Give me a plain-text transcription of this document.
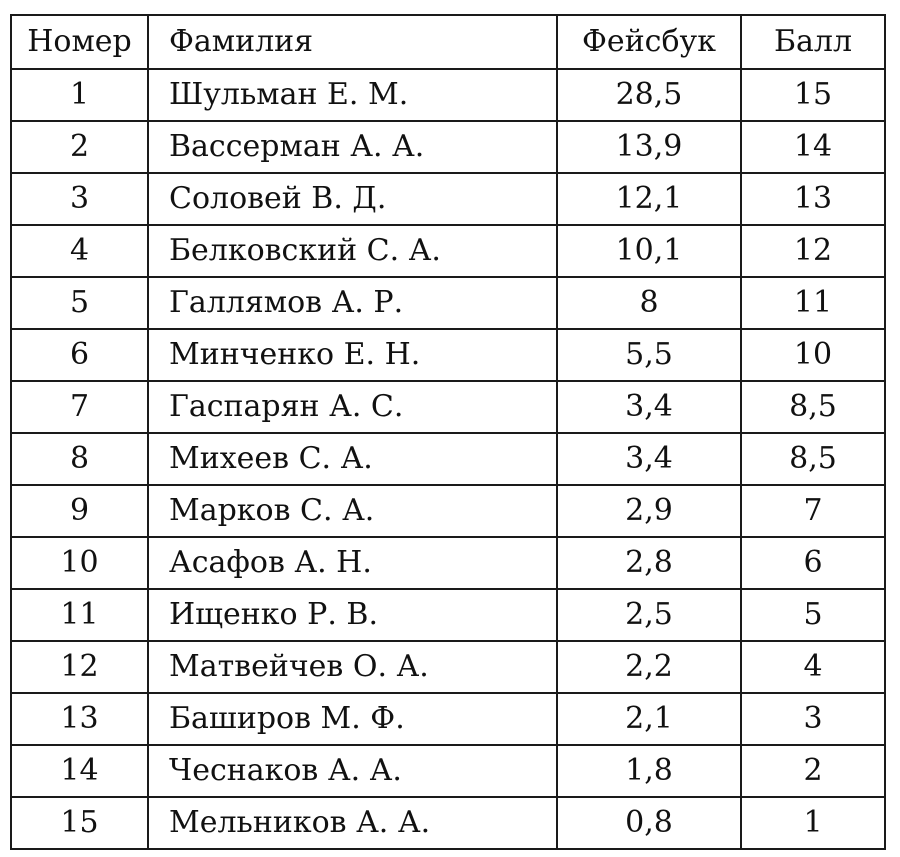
Номер	Фамилия	Фейсбук	Балл
1	Шульман Е. М.	28,5	15
2	Вассерман А. А.	13,9	14
3	Соловей В. Д.	12,1	13
4	Белковский С. А.	10,1	12
5	Галлямов А. Р.	8	11
6	Минченко Е. Н.	5,5	10
7	Гаспарян А. С.	3,4	8,5
8	Михеев С. А.	3,4	8,5
9	Марков С. А.	2,9	7
10	Асафов А. Н.	2,8	6
11	Ищенко Р. В.	2,5	5
12	Матвейчев О. А.	2,2	4
13	Баширов М. Ф.	2,1	3
14	Чеснаков А. А.	1,8	2
15	Мельников А. А.	0,8	1
